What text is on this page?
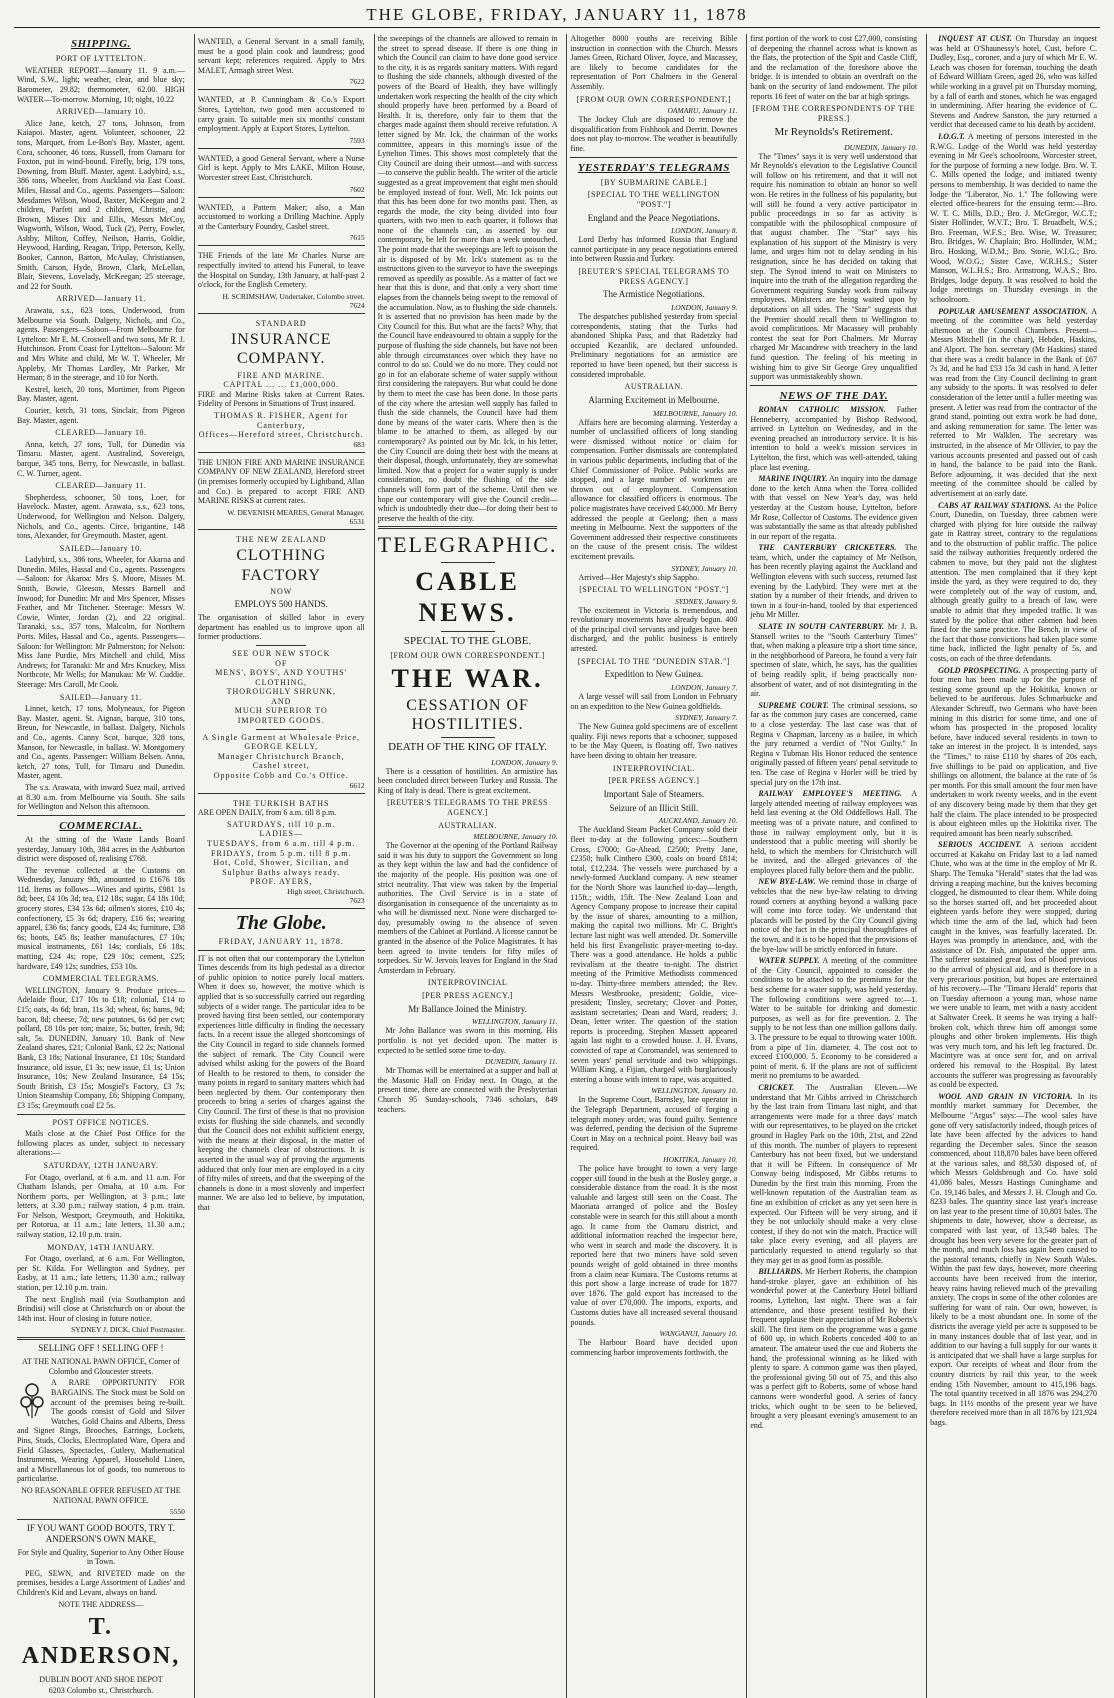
THE GLOBE, FRIDAY, JANUARY 11, 1878
SHIPPING.
PORT OF LYTTELTON.

WEATHER REPORT—January 11. 9 a.m.—Wind, S.W., light; weather, clear, and blue sky; Barometer, 29.82; thermometer, 62.00. HIGH WATER—To-morrow. Morning, 10; night, 10.22

ARRIVED—January 10.

Alice Jane, ketch, 27 tons, Johnson, from Kaiapoi. Master, agent. Volunteer, schooner, 22 tons, Marquet, from Le-Bon's Bay. Master, agent. Cora, schooner, 46 tons, Russell, from Oamaru for Foxton, put in wind-bound. Firefly, brig, 179 tons, Downing, from Bluff. Master, agent. Ladybird, s.s., 386 tons, Wheeler, from Auckland via East Coast. Miles, Hassal and Co., agents. Passengers—Saloon: Mesdames Wilson, Wood, Baxter, McKeegan and 2 children, Parfett and 2 children, Christie, and Brown, Misses Dix and Ellis, Messrs McCoy, Wagworth, Wilson, Wood, Tuck (2), Perry, Fowler, Ashby, Milton, Coffey, Neilson, Harris, Goldie, Heywood, Harding, Reagan, Tripp, Peterson, Kelly, Booker, Cannon, Barton, McAulay, Christiansen, Smith, Carson, Hyde, Brown, Clark, McLellan, Blair, Stevens, Lovelady, McKeegan; 25 steerage, and 22 for South.

ARRIVED—January 11.

Arawata, s.s., 623 tons, Underwood, from Melbourne via South. Dalgety, Nichols, and Co., agents. Passengers—Saloon—From Melbourne for Lyttelton: Mr E. M. Croswell and two sons, Mr R. J. Hutchinson. From Coast for Lyttelton—Saloon: Mr and Mrs White and child, Mr W. T. Wheeler, Mr Appleby, Mr Thomas Lardley, Mr Parker, Mr Herman; 8 in the steerage, and 10 for North.

Kestrel, ketch, 20 tons, Mortimer, from Pigeon Bay. Master, agent.

Courier, ketch, 31 tons, Sinclair, from Pigeon Bay. Master, agent.

CLEARED—January 10.

Anna, ketch, 27 tons, Tull, for Dunedin via Timaru. Master, agent. Australind, Sovereign, barque, 345 tons, Berry, for Newcastle, in ballast. C. W. Turner, agent.

CLEARED—January 11.

Shepherdess, schooner, 50 tons, Loer, for Havelock. Master, agent. Arawata, s.s., 623 tons, Underwood, for Wellington and Nelson. Dalgety, Nichols, and Co., agents. Circe, brigantine, 148 tons, Alexander, for Greymouth. Master, agent.

SAILED—January 10.

Ladybird, s.s., 386 tons, Wheeler, for Akaroa and Dunedin. Miles, Hassal and Co., agents. Passengers—Saloon: for Akaroa: Mrs S. Moore, Misses M. Smith, Bowie, Gleeson, Messrs Barnell and Inwood; for Dunedin: Mr and Mrs Spencer, Misses Feather, and Mr Titchener. Steerage: Messrs W. Cowie, Winter, Jordan (2), and 22 original. Taranaki, s.s., 357 tons, Malcolm, for Northern Ports. Miles, Hassal and Co., agents. Passengers—Saloon: for Wellington: Mr Palmerston; for Nelson: Miss Jane Purdie, Mrs Mitchell and child, Miss Andrews; for Taranaki: Mr and Mrs Knuckey, Miss Northcote, Mr Wells; for Manukau: Mr W. Cuddie. Steerage: Mrs Caroll, Mr Cook.

SAILED—January 11.

Linnet, ketch, 17 tons, Molyneaux, for Pigeon Bay. Master, agent. St. Aignan, barque, 310 tons, Breun, for Newcastle, in ballast. Dalgety, Nichols and Co., agents. Canny Scot, barque, 328 tons, Manson, for Newcastle, in ballast. W. Montgomery and Co., agents. Passenger: William Belsen. Anna, ketch, 27 tons, Tull, for Timaru and Dunedin. Master, agent.

The s.s. Arawata, with inward Suez mail, arrived at 8.30 a.m. from Melbourne via South. She sails for Wellington and Nelson this afternoon.

COMMERCIAL.

At the sitting of the Waste Lands Board yesterday, January 10th, 384 acres in the Ashburton district were disposed of, realising £768.

The revenue collected at the Customs on Wednesday, January 9th, amounted to £1676 18s 11d. Items as follows—Wines and spirits, £981 1s 8d; beer, £4 10s 3d; tea, £12 18s; sugar, £4 18s 10d; grocery stores, £34 13s 6d; oilmen's stores, £10 4s; confectionery, £5 3s 6d; drapery, £16 6s; wearing apparel, £36 6s; fancy goods, £24 4s; furniture, £38 6s; boots, £45 8s; leather manufactures, £7 10s; musical instruments, £61 14s; cordials, £6 18s; matting, £24 4s; rope, £29 10s; cement, £25; hardware, £49 12s; sundries, £53 10s.

COMMERCIAL TELEGRAMS.

WELLINGTON, January 9. Produce prices—Adelaide flour, £17 10s to £18; colonial, £14 to £15; oats, 4s 6d; bran, 11s 3d; wheat, 6s; hams, 9d; bacon, 8d; cheese, 7d; new potatoes, 6s 6d per cwt; pollard, £8 10s per ton; maize, 5s; butter, fresh, 9d; salt, 5s. DUNEDIN, January 10. Bank of New Zealand shares, £21; Colonial Bank, £2 2s; National Bank, £3 18s; National Insurance, £1 10s; Standard Insurance, old issue, £1 3s; new issue, £1 1s; Union Insurance, 10s; New Zealand Insurance, £4 15s; South British, £3 15s; Mosgiel's Factory, £3 7s; Union Steamship Company, £6; Shipping Company, £3 15s; Greymouth coal £2 5s.

POST OFFICE NOTICES.

Mails close at the Chief Post Office for the following places as under, subject to necessary alterations:—

SATURDAY, 12TH JANUARY.

For Otago, overland, at 6 a.m. and 11 a.m. For Chatham Islands, per Omaha, at 10 a.m. For Northern ports, per Wellington, at 3 p.m.; late letters, at 3.30 p.m.; railway station, 4 p.m. train. For Nelson, Westport, Greymouth, and Hokitika, per Rotorua, at 11 a.m.; late letters, 11.30 a.m.; railway station, 12.10 p.m. train.

MONDAY, 14TH JANUARY.

For Otago, overland, at 6 a.m. For Wellington, per St. Kilda. For Wellington and Sydney, per Easby, at 11 a.m.; late letters, 11.30 a.m.; railway station, per 12.10 p.m. train.

The next English mail (via Southampton and Brindisi) will close at Christchurch on or about the 14th inst. Hour of closing in future notice.

SYDNEY J. DICK, Chief Postmaster.
SELLING OFF ! SELLING OFF !

AT THE NATIONAL PAWN OFFICE, Corner of Colombo and Gloucester streets.

A RARE OPPORTUNITY FOR BARGAINS. The Stock must be Sold on account of the premises being re-built. The goods consist of Gold and Silver Watches, Gold Chains and Alberts, Dress and Signet Rings, Brooches, Earrings, Lockets, Pins, Studs, Clocks, Electroplated Ware, Opera and Field Glasses, Spectacles, Cutlery, Mathematical Instruments, Wearing Apparel, Household Linen, and a Miscellaneous lot of goods, too numerous to particularise.

NO REASONABLE OFFER REFUSED AT THE NATIONAL PAWN OFFICE.

5550
IF YOU WANT GOOD BOOTS, TRY T. ANDERSON'S OWN MAKE,

For Style and Quality, Superior to Any Other House in Town.

PEG, SEWN, and RIVETED made on the premises, besides a Large Assortment of Ladies' and Children's Kid and Levant, always on hand.

NOTE THE ADDRESS—

T. ANDERSON,

DUBLIN BOOT AND SHOE DEPOT

6203 Colombo st., Christchurch.

WANTED, a General Servant in a small family, must be a good plain cook and laundress; good servant kept; references required. Apply to Mrs MALET, Armagh street West.

7622

WANTED, at P. Cunningham & Co.'s Export Stores, Lyttelton, two good men accustomed to carry grain. To suitable men six months' constant employment. Apply at Export Stores, Lyttelton.

7593

WANTED, a good General Servant, where a Nurse Girl is kept. Apply to Mrs LAKE, Milton House, Worcester street East, Christchurch.

7602

WANTED, a Pattern Maker; also, a Man accustomed to working a Drilling Machine. Apply at the Canterbury Foundry, Cashel street.

7615

THE Friends of the late Mr Charles Nurse are respectfully invited to attend his Funeral, to leave the Hospital on Sunday, 13th January, at half-past 2 o'clock, for the English Cemetery.

H. SCRIMSHAW, Undertaker, Colombo street.
7624
STANDARD
INSURANCE COMPANY.
FIRE AND MARINE.
CAPITAL ... ... £1,000,000.

FIRE and Marine Risks taken at Current Rates. Fidelity of Persons in Situations of Trust insured.

THOMAS R. FISHER, Agent for Canterbury,
Offices—Hereford street, Christchurch.
683

THE UNION FIRE AND MARINE INSURANCE COMPANY OF NEW ZEALAND, Hereford street (in premises formerly occupied by Lightband, Allan and Co.) is prepared to accept FIRE AND MARINE RISKS at current rates.

W. DEVENISH MEARES, General Manager.
6531
THE NEW ZEALAND
CLOTHING FACTORY
NOW
EMPLOYS 500 HANDS.

The organisation of skilled labor in every department has enabled us to improve upon all former productions.

SEE OUR NEW STOCK
OF
MENS', BOYS', AND YOUTHS'
CLOTHING,
THOROUGHLY SHRUNK,
AND
MUCH SUPERIOR TO
IMPORTED GOODS.
A Single Garment at Wholesale Price,
GEORGE KELLY,
Manager Christchurch Branch,
Cashel street,
Opposite Cobb and Co.'s Office.
6612
THE TURKISH BATHS

ARE OPEN DAILY, from 6 a.m. till 8 p.m.

SATURDAYS, till 10 p.m.
LADIES—
TUESDAYS, from 6 a.m. till 4 p.m.
FRIDAYS, from 5 p.m. till 8 p.m.
Hot, Cold, Shower, Sicilian, and Sulphur Baths always ready.
PROF. AYERS,
High street, Christchurch.
7623
The Globe.
FRIDAY, JANUARY 11, 1878.

IT is not often that our contemporary the Lyttelton Times descends from its high pedestal as a director of public opinion to notice purely local matters. When it does so, however, the motive which is applied that is so successfully carried out regarding subjects of a wider range. The particular idea to be proved having first been settled, our contemporary experiences little difficulty in finding the necessary facts. In a recent issue the alleged shortcomings of the City Council in regard to side channels formed the subject of remark. The City Council were advised whilst asking for the powers of the Board of Health to be restored to them, to consider the many points in regard to sanitary matters which had been neglected by them. Our contemporary then proceeds to bring a series of charges against the City Council. The first of these is that no provision exists for flushing the side channels, and secondly that the Council does not exhibit sufficient energy, with the means at their disposal, in the matter of keeping the channels clear of obstructions. It is asserted in the usual way of proving the arguments adduced that only four men are employed in a city of fifty miles of streets, and that the sweeping of the channels is done in a most slovenly and imperfect manner. We are also led to believe, by imputation, that

the sweepings of the channels are allowed to remain in the street to spread disease. If there is one thing in which the Council can claim to have done good service to the city, it is as regards sanitary matters. With regard to flushing the side channels, although divested of the powers of the Board of Health, they have willingly undertaken work respecting the health of the city which should properly have been performed by a Board of Health. It is, therefore, only fair to them that the charges made against them should receive refutation. A letter signed by Mr. Ick, the chairman of the works committee, appears in this morning's issue of the Lyttelton Times. This shows most completely that the City Council are doing their utmost—and with success—to conserve the public health. The writer of the article suggested as a great improvement that eight men should be employed instead of four. Well, Mr. Ick points out that this has been done for two months past. Then, as regards the mode, the city being divided into four quarters, with two men to each quarter, it follows that none of the channels can, as asserted by our contemporary, be left for more than a week untouched. The point made that the sweepings are left to poison the air is disposed of by Mr. Ick's statement as to the instructions given to the surveyor to have the sweepings removed as speedily as possible. As a matter of fact we hear that this is done, and that only a very short time elapses from the channels being swept to the removal of the accumulation. Now, as to flushing the side channels. It is asserted that no provision has been made by the City Council for this. But what are the facts? Why, that the Council have endeavoured to obtain a supply for the purpose of flushing the side channels, but have not been able through circumstances over which they have no control to do so. Could we do no more. They could not go in for an elaborate scheme of water supply without first considering the ratepayers. But what could be done by them to meet the case has been done. In those parts of the city where the artesian well supply has failed to flush the side channels, the Council have had them done by means of the water carts. Where then is the blame to be attached to them, as alleged by our contemporary? As pointed out by Mr. Ick, in his letter, the City Council are doing their best with the means at their disposal, though, unfortunately, they are somewhat limited. Now that a project for a water supply is under consideration, no doubt the flushing of the side channels will form part of the scheme. Until then we hope our contemporary will give the Council credit—which is undoubtedly their due—for doing their best to preserve the health of the city.

TELEGRAPHIC.
CABLE NEWS.
SPECIAL TO THE GLOBE.
[FROM OUR OWN CORRESPONDENT.]
THE WAR.
CESSATION OF HOSTILITIES.
DEATH OF THE KING OF ITALY.
LONDON, January 9.

There is a cessation of hostilities. An armistice has been concluded direct between Turkey and Russia. The King of Italy is dead. There is great excitement.

[REUTER'S TELEGRAMS TO THE PRESS AGENCY.]
AUSTRALIAN.
MELBOURNE, January 10.

The Governor at the opening of the Portland Railway said it was his duty to support the Government so long as they kept within the law and had the confidence of the majority of the people. His position was one of strict neutrality. That view was taken by the Imperial authorities. The Civil Service is in a state of disorganisation in consequence of the uncertainty as to who will be dismissed next. None were discharged to-day, presumably owing to the absence of seven members of the Cabinet at Portland. A license cannot be granted in the absence of the Police Magistrates. It has been agreed to invite tenders for fifty miles of torpedoes. Sir W. Jervois leaves for England in the Stad Amsterdam in February.

INTERPROVINCIAL
[PER PRESS AGENCY.]
Mr Ballance Joined the Ministry.
WELLINGTON, January 11.

Mr John Ballance was sworn in this morning. His portfolio is not yet decided upon. The matter is expected to be settled some time to-day.

DUNEDIN, January 11.

Mr Thomas will be entertained at a supper and ball at the Masonic Hall on Friday next. In Otago, at the present time, there are connected with the Presbyterian Church 95 Sunday-schools, 7346 scholars, 849 teachers.

Altogether 8000 youths are receiving Bible instruction in connection with the Church. Messrs James Green, Richard Oliver, Joyce, and Macassey, are likely to become candidates for the representation of Port Chalmers in the General Assembly.

[FROM OUR OWN CORRESPONDENT.]
OAMARU, January 11.

The Jockey Club are disposed to remove the disqualification from Fishhook and Derritt. Downes does not play to-morrow. The weather is beautifully fine.

YESTERDAY'S TELEGRAMS
[BY SUBMARINE CABLE.]
[SPECIAL TO THE WELLINGTON "POST."]
England and the Peace Negotiations.
LONDON, January 8.

Lord Derby has informed Russia that England cannot participate in any peace negotiations entered into between Russia and Turkey.

[REUTER'S SPECIAL TELEGRAMS TO PRESS AGENCY.]
The Armistice Negotiations.
LONDON, January 9.

The despatches published yesterday from special correspondents, stating that the Turks had abandoned Shipka Pass, and that Radetzky had occupied Kezanlik, are declared unfounded. Preliminary negotiations for an armistice are reported to have been opened, but their success is considered improbable.

AUSTRALIAN.
Alarming Excitement in Melbourne.
MELBOURNE, January 10.

Affairs here are becoming alarming. Yesterday a number of unclassified officers of long standing were dismissed without notice or claim for compensation. Further dismissals are contemplated in various public departments, including that of the Chief Commissioner of Police. Public works are stopped, and a large number of workmen are thrown out of employment. Compensation allowance for classified officers is enormous. The police magistrates have received £40,000. Mr Berry addressed the people at Geelong; then a mass meeting in Melbourne. Next the supporters of the Government addressed their respective constituents on the cause of the present crisis. The wildest excitement prevails.

SYDNEY, January 10.

Arrived—Her Majesty's ship Sappho.

[SPECIAL TO WELLINGTON "POST."]
SYDNEY, January 9.

The excitement in Victoria is tremendous, and revolutionary movements have already begun. 400 of the principal civil servants and judges have been discharged, and the public business is entirely arrested.

[SPECIAL TO THE "DUNEDIN STAR."]
Expedition to New Guinea.
LONDON, January 7.

A large vessel will sail from London in February on an expedition to the New Guinea goldfields.

SYDNEY, January 7.

The New Guinea gold specimens are of excellent quality. Fiji news reports that a schooner, supposed to be the May Queen, is floating off. Two natives have been diving to obtain her treasure.

INTERPROVINCIAL.
[PER PRESS AGENCY.]
Important Sale of Steamers.
Seizure of an Illicit Still.
AUCKLAND, January 10.

The Auckland Steam Packet Company sold their fleet to-day at the following prices:—Southern Cross, £7000; Go-Ahead, £2500; Pretty Jane, £2350; hulk Cinthero £300, coals on board £814; total, £12,234. The vessels were purchased by a newly-formed Auckland company. A new steamer for the North Shore was launched to-day—length, 115ft.; width, 15ft. The New Zealand Loan and Agency Company propose to increase their capital by the issue of shares, amounting to a million, making the capital two millions. Mr C. Bright's lecture last night was well attended. Dr. Somerville held his first Evangelistic prayer-meeting to-day. There was a good attendance. He holds a public revivalism at the theatre to-night. The district meeting of the Primitive Methodists commenced to-day. Thirty-three members attended; the Rev. Messrs Westbrooke, president; Goldie, vice-president; Tinsley, secretary; Clover and Potter, assistant secretaries; Dean and Ward, readers; J. Dean, letter writer. The question of the station reports is proceeding. Stephen Massett appeared again last night to a crowded house. J. H. Evans, convicted of rape at Coromandel, was sentenced to seven years' penal servitude and two whippings. William King, a Fijian, charged with burglariously entering a house with intent to rape, was acquitted.

WELLINGTON, January 10.

In the Supreme Court, Barnsley, late operator in the Telegraph Department, accused of forging a telegraph money order, was found guilty. Sentence was deferred, pending the decision of the Supreme Court in May on a technical point. Heavy bail was required.

HOKITIKA, January 10.

The police have brought to town a very large copper still found in the bush at the Bosley gorge, a considerable distance from the road. It is the most valuable and largest still seen on the Coast. The Maoriata arranged of police and the Bosley constable were in search for this still about a month ago. It came from the Oamaru district, and additional information reached the inspector here, who went in search and made the discovery. It is reported here that two miners have sold seven pounds weight of gold obtained in three months from a claim near Kumara. The Customs returns at this port show a large increase of trade for 1877 over 1876. The gold export has increased to the value of over £70,000. The imports, exports, and Customs duties have all increased several thousand pounds.

WANGANUI, January 10.

The Harbour Board have decided upon commencing harbor improvements forthwith, the

first portion of the work to cost £27,000, consisting of deepening the channel across what is known as the flats, the protection of the Spit and Castle Cliff, and the reclamation of the foreshore above the bridge. It is intended to obtain an overdraft on the bank on the security of land endowment. The pilot reports 16 feet of water on the bar at high springs.

[FROM THE CORRESPONDENTS OF THE PRESS.]
Mr Reynolds's Retirement.
DUNEDIN, January 10.

The "Times" says it is very well understood that Mr Reynolds's elevation to the Legislative Council will follow on his retirement, and that it will not require his nomination to obtain an honor so well won. He retires in the fullness of his popularity, but will still be found a very active participator in public proceedings in so far as activity is compatible with the philosophical composure of that august chamber. The "Star" says his explanation of his support of the Ministry is very lame, and urges him not to delay sending in his resignation, since he has decided on taking that step. The Synod intend to wait on Ministers to inquire into the truth of the allegation regarding the Government requiring Sunday work from railway employees. Ministers are being waited upon by deputations on all sides. The "Star" suggests that the Premier should recall them to Wellington to avoid complications. Mr Macassey will probably contest the seat for Port Chalmers. Mr Murray charged Mr Macandrew with treachery in the land fund question. The feeling of his meeting in wishing him to give Sir George Grey unqualified support was unmistakeably shown.

NEWS OF THE DAY.

ROMAN CATHOLIC MISSION. Father Henneberry, accompanied by Bishop Redwood, arrived in Lyttelton on Wednesday, and in the evening preached an introductory service. It is his intention to hold a week's mission services in Lyttelton, the first, which was well-attended, taking place last evening.

MARINE INQUIRY. An inquiry into the damage done to the ketch Anna when the Torea collided with that vessel on New Year's day, was held yesterday at the Custom house, Lyttelton, before Mr Rose, Collector of Customs. The evidence given was substantially the same as that already published in our report of the regatta.

THE CANTERBURY CRICKETERS. The team, which, under the captaincy of Mr Neilson, has been recently playing against the Auckland and Wellington elevens with such success, returned last evening by the Ladybird. They were met at the station by a number of their friends, and driven to town in a four-in-hand, tooled by that experienced jehu Mr Miller.

SLATE IN SOUTH CANTERBURY. Mr J. B. Stansell writes to the "South Canterbury Times" that, when making a pleasure trip a short time since, in the neighborhood of Pareora, he found a very fair specimen of slate, which, he says, has the qualities of being readily split, if being practically non-absorbent of water, and of not disintegrating in the air.

SUPREME COURT. The criminal sessions, so far as the common jury cases are concerned, came to a close yesterday. The last case was that of Regina v Chapman, larceny as a bailee, in which the jury returned a verdict of "Not Guilty." In Regina v Tubman His Honor reduced the sentence originally passed of fifteen years' penal servitude to ten. The case of Regina v Horler will be tried by special jury on the 17th inst.

RAILWAY EMPLOYEE'S MEETING. A largely attended meeting of railway employees was held last evening at the Old Oddfellows Hall. The meeting was of a private nature, and confined to those in railway employment only, but it is understood that a public meeting will shortly be held, to which the members for Christchurch will be invited, and the alleged grievances of the employees placed fully before them and the public.

NEW BYE-LAW. We remind those in charge of vehicles that the new bye-law relating to driving round corners at anything beyond a walking pace will come into force today. We understand that placards will be posted by the City Council giving notice of the fact in the principal thoroughfares of the town, and it is to be hoped that the provisions of the bye-law will be strictly enforced in future.

WATER SUPPLY. A meeting of the committee of the City Council, appointed to consider the conditions to be attached to the premiums for the best scheme for a water supply, was held yesterday. The following conditions were agreed to:—1. Water to be suitable for drinking and domestic purposes, as well as for fire prevention. 2. The supply to be not less than one million gallons daily. 3. The pressure to be equal to throwing water 100ft. from a pipe of 1in. diameter. 4. The cost not to exceed £100,000. 5. Economy to be considered a point of merit. 6. If the plans are not of sufficient merit no premiums to be awarded.

CRICKET. The Australian Eleven.—We understand that Mr Gibbs arrived in Christchurch by the last train from Timaru last night, and that arrangements were made for a three days' match with our representatives, to be played on the cricket ground in Hagley Park on the 10th, 21st, and 22nd of this month. The number of players to represent Canterbury has not been fixed, but we understand that it will be Fifteen. In consequence of Mr Conway being indisposed, Mr Gibbs returns to Dunedin by the first train this morning. From the well-known reputation of the Australian team as fine an exhibition of cricket as any yet seen here is expected. Our Fifteen will be very strong, and if they be not unluckily should make a very close contest, if they do not win the match. Practice will take place every evening, and all players are particularly requested to attend regularly so that they may get in as good form as possible.

BILLIARDS. Mr Herbert Roberts, the champion hand-stroke player, gave an exhibition of his wonderful power at the Canterbury Hotel billiard rooms, Lyttelton, last night. There was a fair attendance, and those present testified by their frequent applause their appreciation of Mr Roberts's skill. The first item on the programme was a game of 600 up, in which Roberts conceded 400 to an amateur. The amateur used the cue and Roberts the hand, the professional winning as he liked with plenty to spare. A common game was then played, the professional giving 50 out of 75, and this also was a perfect gift to Roberts, some of whose hand cannons were wonderful good. A series of fancy tricks, which ought to be seen to be believed, brought a very pleasant evening's amusement to an end.

INQUEST AT CUST. On Thursday an inquest was held at O'Shaunessy's hotel, Cust, before C. Dudley, Esq., coroner, and a jury of which Mr E. W. Leach was chosen for foreman, touching the death of Edward William Green, aged 26, who was killed while working in a gravel pit on Thursday morning, by a fall of earth and stones, which he was engaged in undermining. After hearing the evidence of C. Stevens and Andrew Sanston, the jury returned a verdict that deceased came to his death by accident.

I.O.G.T. A meeting of persons interested in the R.W.G. Lodge of the World was held yesterday evening in Mr Gee's schoolroom, Worcester street, for the purpose of forming a new lodge. Bro. W. T. C. Mills opened the lodge, and initiated twenty persons to membership. It was decided to name the lodge the "Liberator, No. 1." The following were elected office-bearers for the ensuing term:—Bro. W. T. C. Mills, D.D.; Bro. J. McGregor, W.C.T.; Sister Hollinder, W.V.T.; Bro. T. Broadbelt, W.S.; Bro. Freeman, W.F.S.; Bro. Wise, W. Treasurer; Bro. Bridges, W. Chaplain; Bro. Hollinder, W.M.; Bro. Hosking, W.D.M.; Bro. Storie, W.I.G.; Bro. Wood, W.O.G.; Sister Cave, W.R.H.S.; Sister Manson, W.L.H.S.; Bro. Armstrong, W.A.S.; Bro. Bridges, lodge deputy. It was resolved to hold the lodge meetings on Thursday evenings in the schoolroom.

POPULAR AMUSEMENT ASSOCIATION. A meeting of the committee was held yesterday afternoon at the Council Chambers. Present—Messrs Mitchell (in the chair), Hebden, Haskins, and Alport. The hon. secretary (Mr Haskins) stated that there was a credit balance in the Bank of £67 7s 3d, and he had £53 15s 3d cash in hand. A letter was read from the City Council declining to grant any subsidy to the sports. It was resolved to defer consideration of the letter until a fuller meeting was present. A letter was read from the contractor of the grand stand, pointing out extra work he had done, and asking remuneration for same. The letter was referred to Mr Walklen. The secretary was instructed, in the absence of Mr Ollivier, to pay the various accounts presented and passed out of cash in hand, the balance to be paid into the Bank. Before adjourning, it was decided that the next meeting of the committee should be called by advertisement at an early date.

CABS AT RAILWAY STATIONS. At the Police Court, Dunedin, on Tuesday, three cabmen were charged with plying for hire outside the railway gate in Rattray street, contrary to the regulations and to the obstruction of public traffic. The police said the railway authorities frequently ordered the cabmen to move, but they paid not the slightest attention. The men complained that if they kept inside the yard, as they were required to do, they were completely out of the way of custom, and, although greatly guilty to a breach of law, were unable to admit that they impeded traffic. It was stated by the police that other cabmen had been fined for the same practice. The Bench, in view of the fact that those convictions had taken place some time back, inflicted the light penalty of 5s, and costs, on each of the three defendants.

GOLD PROSPECTING. A prospecting party of four men has been made up for the purpose of testing some ground up the Hokitika, known or believed to be auriferous. Jules Schmarbucke and Alexander Schreuff, two Germans who have been mining in this district for some time, and one of whom has prospected in the proposed locality before, have induced several residents in town to take an interest in the project. It is intended, says the "Times," to raise £110 by shares of 20s each, five shillings to be paid on application, and five shillings on allotment, the balance at the rate of 5s per month. For this small amount the four men have undertaken to work twenty weeks, and in the event of any discovery being made by them that they get half the claim. The place intended to be prospected is about eighteen miles up the Hokitika river. The required amount has been nearly subscribed.

SERIOUS ACCIDENT. A serious accident occurred at Kakahu on Friday last to a lad named Chute, who was at the time in the employ of Mr R. Sharp. The Temuka "Herald" states that the lad was driving a reaping machine, but the knives becoming clogged, he dismounted to clear them. While doing so the horses started off, and bet proceeded about eighteen yards before they were stopped, during which time the arm of the lad, which had been caught in the knives, was fearfully lacerated. Dr. Hayes was promptly in attendance, and, with the assistance of Dr. Fish, amputated the upper arm. The sufferer sustained great loss of blood previous to the arrival of physical aid, and is therefore in a very precarious position, but hopes are entertained of his recovery.—The "Timaru Herald" reports that on Tuesday afternoon a young man, whose name we were unable to learn, met with a nasty accident at Saltwater Creek. It seems he was trying a half-broken colt, which threw him off amongst some ploughs and other broken implements. His thigh was very much torn, and his left leg fractured. Dr. Macintyre was at once sent for, and on arrival ordered his removal to the Hospital. By latest accounts the sufferer was progressing as favourably as could be expected.

WOOL AND GRAIN IN VICTORIA. In its monthly market summary for December, the Melbourne "Argus" says:—The wool sales have gone off very satisfactorily indeed, though prices of late have been affected by the advices to hand regarding the December sales. Since the season commenced, about 118,870 bales have been offered at the various sales, and 88,530 disposed of, of which Messrs Goldsbrough and Co. have sold 41,086 bales, Messrs Hastings Cuninghame and Co. 19,146 bales, and Messrs J. H. Clough and Co. 8233 bales. The quantity since last year's increase on last year to the present time of 10,801 bales. The shipments to date, however, show a decrease, as compared with last year, of 13,548 bales. The drought has been very severe for the greater part of the month, and much loss has again been caused to the pastoral tenants, chiefly in New South Wales. Within the past few days, however, more cheering accounts have been received from the interior, heavy rains having relieved much of the prevailing anxiety. The crops in some of the other colonies are suffering for want of rain. Our own, however, is likely to be a most abundant one. In some of the districts the average yield per acre is supposed to be in many instances double that of last year, and in addition to our having a full supply for our wants it is anticipated that we shall have a large surplus for export. Our receipts of wheat and flour from the country districts by rail this year, to the week ending 15th November, amount to 415,196 bags. The total quantity received in all 1876 was 294,270 bags. In 11½ months of the present year we have therefore received more than in all 1876 by 121,924 bags.
